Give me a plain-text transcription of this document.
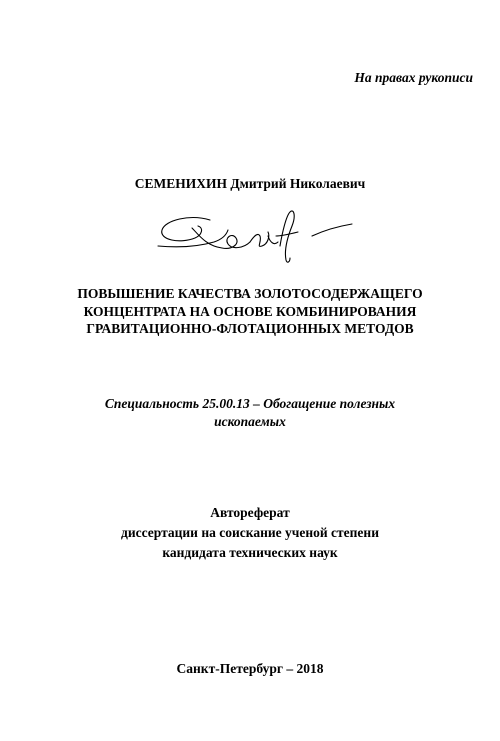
На правах рукописи
СЕМЕНИХИН Дмитрий Николаевич
ПОВЫШЕНИЕ КАЧЕСТВА ЗОЛОТОСОДЕРЖАЩЕГО
КОНЦЕНТРАТА НА ОСНОВЕ КОМБИНИРОВАНИЯ
ГРАВИТАЦИОННО-ФЛОТАЦИОННЫХ МЕТОДОВ
Специальность 25.00.13 – Обогащение полезных
ископаемых
Автореферат
диссертации на соискание ученой степени
кандидата технических наук
Санкт-Петербург – 2018
